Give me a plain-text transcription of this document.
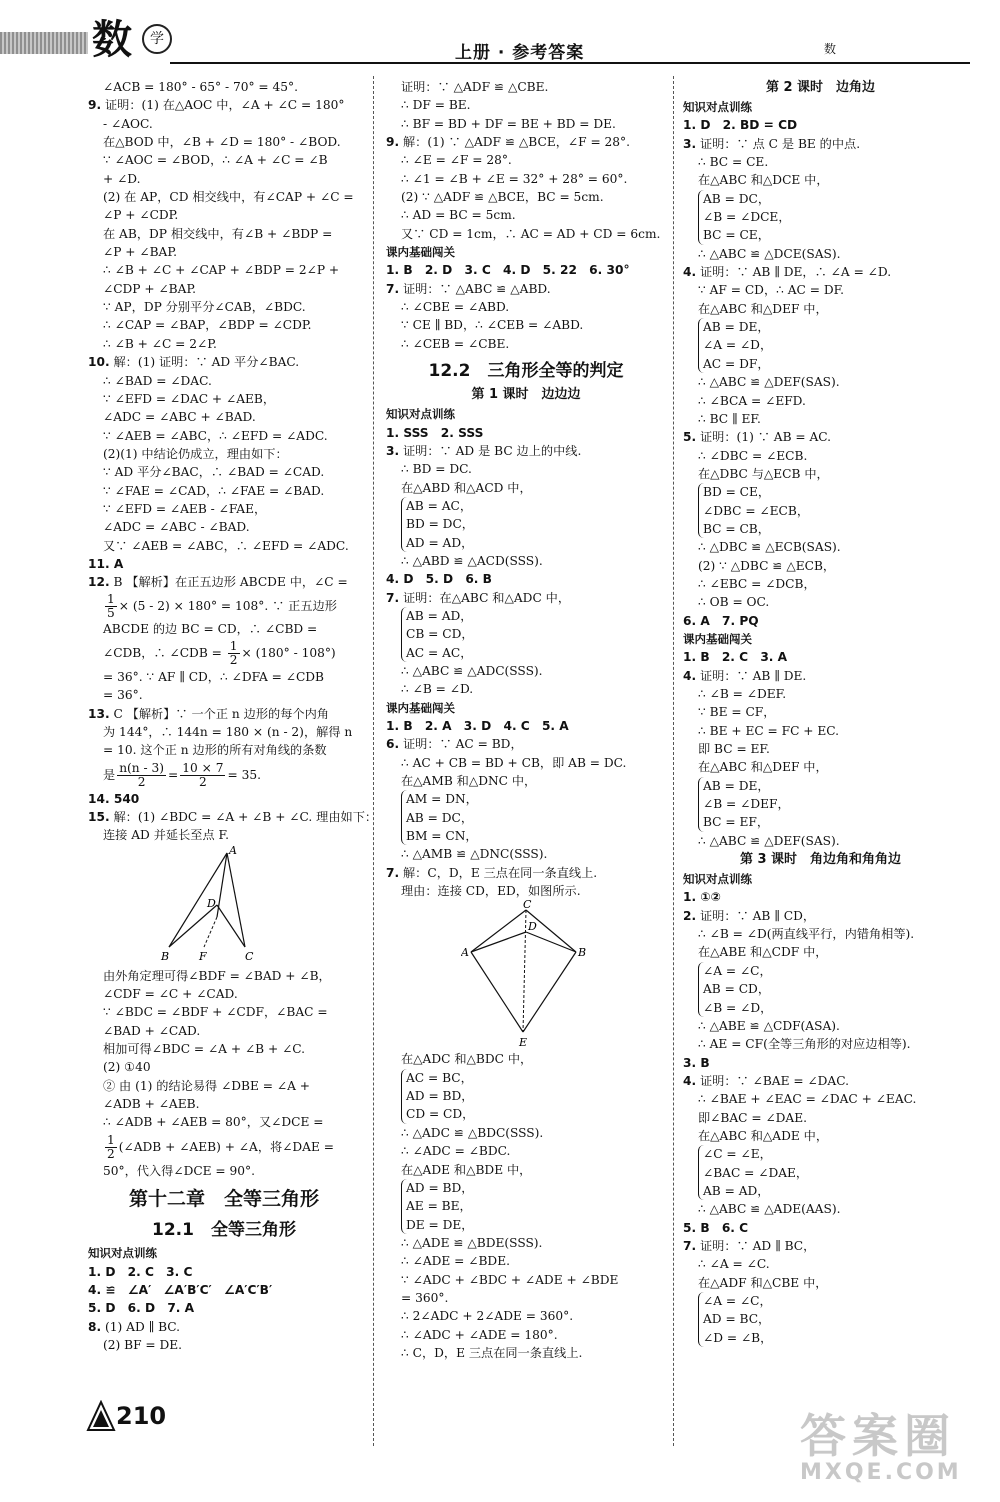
数	学
上册 · 参考答案	数
∠ACB = 180° - 65° - 70° = 45°.
9. 证明：(1) 在△AOC 中，∠A + ∠C = 180°
- ∠AOC.
在△BOD 中，∠B + ∠D = 180° - ∠BOD.
∵ ∠AOC = ∠BOD，∴ ∠A + ∠C = ∠B
+ ∠D.
(2) 在 AP，CD 相交线中，有∠CAP + ∠C =
∠P + ∠CDP.
在 AB，DP 相交线中，有∠B + ∠BDP =
∠P + ∠BAP.
∴ ∠B + ∠C + ∠CAP + ∠BDP = 2∠P +
∠CDP + ∠BAP.
∵ AP，DP 分别平分∠CAB，∠BDC.
∴ ∠CAP = ∠BAP，∠BDP = ∠CDP.
∴ ∠B + ∠C = 2∠P.
10. 解：(1) 证明：∵ AD 平分∠BAC.
∴ ∠BAD = ∠DAC.
∵ ∠EFD = ∠DAC + ∠AEB，
∠ADC = ∠ABC + ∠BAD.
∵ ∠AEB = ∠ABC，∴ ∠EFD = ∠ADC.
(2)(1) 中结论仍成立，理由如下：
∵ AD 平分∠BAC，∴ ∠BAD = ∠CAD.
∵ ∠FAE = ∠CAD，∴ ∠FAE = ∠BAD.
∵ ∠EFD = ∠AEB - ∠FAE，
∠ADC = ∠ABC - ∠BAD.
又∵ ∠AEB = ∠ABC，∴ ∠EFD = ∠ADC.
11. A
12. B 【解析】在正五边形 ABCDE 中，∠C =
$\frac{1}{5} \times (5 - 2) \times 180^\circ = 108^\circ$. ∵ 正五边形
ABCDE 的边 BC = CD，∴ ∠CBD =
∠CDB，∴ ∠CDB = $\frac{1}{2} \times (180^\circ - 108^\circ)$
= 36°. ∵ AF ∥ CD，∴ ∠DFA = ∠CDB
= 36°.
13. C 【解析】∵ 一个正 n 边形的每个内角
为 144°，∴ 144n = 180 × (n - 2)，解得 n
= 10. 这个正 n 边形的所有对角线的条数
是 $\frac{n(n - 3)}{2} = \frac{10 \times 7}{2} = 35$.
14. 540
15. 解：(1) ∠BDC = ∠A + ∠B + ∠C. 理由如下：
连接 AD 并延长至点 F.
A
D
B	F	C
由外角定理可得∠BDF = ∠BAD + ∠B，
∠CDF = ∠C + ∠CAD.
∵ ∠BDC = ∠BDF + ∠CDF，∠BAC =
∠BAD + ∠CAD.
相加可得∠BDC = ∠A + ∠B + ∠C.
(2) ①40
② 由 (1) 的结论易得 ∠DBE = ∠A +
∠ADB + ∠AEB.
∴ ∠ADB + ∠AEB = 80°，又∠DCE =
$\frac{1}{2}$ (∠ADB + ∠AEB) + ∠A，将∠DAE =
50°，代入得∠DCE = 90°.
第十二章　全等三角形
12.1　全等三角形
知识对点训练
1. D　2. C　3. C
4. ≌　∠A′　∠A′B′C′　∠A′C′B′
5. D　6. D　7. A
8. (1) AD ∥ BC.
(2) BF = DE.
证明：∵ △ADF ≌ △CBE.
∴ DF = BE.
∴ BF = BD + DF = BE + BD = DE.
9. 解：(1) ∵ △ADF ≌ △BCE，∠F = 28°.
∴ ∠E = ∠F = 28°.
∴ ∠1 = ∠B + ∠E = 32° + 28° = 60°.
(2) ∵ △ADF ≌ △BCE，BC = 5cm.
∴ AD = BC = 5cm.
又∵ CD = 1cm，∴ AC = AD + CD = 6cm.
课内基础闯关
1. B　2. D　3. C　4. D　5. 22　6. 30°
7. 证明：∵ △ABC ≌ △ABD.
∴ ∠CBE = ∠ABD.
∵ CE ∥ BD，∴ ∠CEB = ∠ABD.
∴ ∠CEB = ∠CBE.
12.2　三角形全等的判定
第 1 课时　边边边
知识对点训练
1. SSS　2. SSS
3. 证明：∵ AD 是 BC 边上的中线.
∴ BD = DC.
在△ABD 和△ACD 中，
AB = AC，
BD = DC，
AD = AD，
∴ △ABD ≌ △ACD(SSS).
4. D　5. D　6. B
7. 证明：在△ABC 和△ADC 中，
AB = AD，
CB = CD，
AC = AC，
∴ △ABC ≌ △ADC(SSS).
∴ ∠B = ∠D.
课内基础闯关
1. B　2. A　3. D　4. C　5. A
6. 证明：∵ AC = BD，
∴ AC + CB = BD + CB，即 AB = DC.
在△AMB 和△DNC 中，
AM = DN，
AB = DC，
BM = CN，
∴ △AMB ≌ △DNC(SSS).
7. 解：C，D，E 三点在同一条直线上.
理由：连接 CD，ED，如图所示.
C
D
A	B
E
在△ADC 和△BDC 中，
AC = BC，
AD = BD，
CD = CD，
∴ △ADC ≌ △BDC(SSS).
∴ ∠ADC = ∠BDC.
在△ADE 和△BDE 中，
AD = BD，
AE = BE，
DE = DE，
∴ △ADE ≌ △BDE(SSS).
∴ ∠ADE = ∠BDE.
∵ ∠ADC + ∠BDC + ∠ADE + ∠BDE
= 360°.
∴ 2∠ADC + 2∠ADE = 360°.
∴ ∠ADC + ∠ADE = 180°.
∴ C，D，E 三点在同一条直线上.
第 2 课时　边角边
知识对点训练
1. D　2. BD = CD
3. 证明：∵ 点 C 是 BE 的中点.
∴ BC = CE.
在△ABC 和△DCE 中，
AB = DC，
∠B = ∠DCE，
BC = CE，
∴ △ABC ≌ △DCE(SAS).
4. 证明：∵ AB ∥ DE，∴ ∠A = ∠D.
∵ AF = CD，∴ AC = DF.
在△ABC 和△DEF 中，
AB = DE，
∠A = ∠D，
AC = DF，
∴ △ABC ≌ △DEF(SAS).
∴ ∠BCA = ∠EFD.
∴ BC ∥ EF.
5. 证明：(1) ∵ AB = AC.
∴ ∠DBC = ∠ECB.
在△DBC 与△ECB 中，
BD = CE，
∠DBC = ∠ECB，
BC = CB，
∴ △DBC ≌ △ECB(SAS).
(2) ∵ △DBC ≌ △ECB，
∴ ∠EBC = ∠DCB，
∴ OB = OC.
6. A　7. PQ
课内基础闯关
1. B　2. C　3. A
4. 证明：∵ AB ∥ DE.
∴ ∠B = ∠DEF.
∵ BE = CF，
∴ BE + EC = FC + EC.
即 BC = EF.
在△ABC 和△DEF 中，
AB = DE，
∠B = ∠DEF，
BC = EF，
∴ △ABC ≌ △DEF(SAS).
第 3 课时　角边角和角角边
知识对点训练
1. ①②
2. 证明：∵ AB ∥ CD，
∴ ∠B = ∠D(两直线平行，内错角相等).
在△ABE 和△CDF 中，
∠A = ∠C，
AB = CD，
∠B = ∠D，
∴ △ABE ≌ △CDF(ASA).
∴ AE = CF(全等三角形的对应边相等).
3. B
4. 证明：∵ ∠BAE = ∠DAC.
∴ ∠BAE + ∠EAC = ∠DAC + ∠EAC.
即∠BAC = ∠DAE.
在△ABC 和△ADE 中，
∠C = ∠E，
∠BAC = ∠DAE，
AB = AD，
∴ △ABC ≌ △ADE(AAS).
5. B　6. C
7. 证明：∵ AD ∥ BC，
∴ ∠A = ∠C.
在△ADF 和△CBE 中，
∠A = ∠C，
AD = BC，
∠D = ∠B，
210	答案圈
MXQE.COM
